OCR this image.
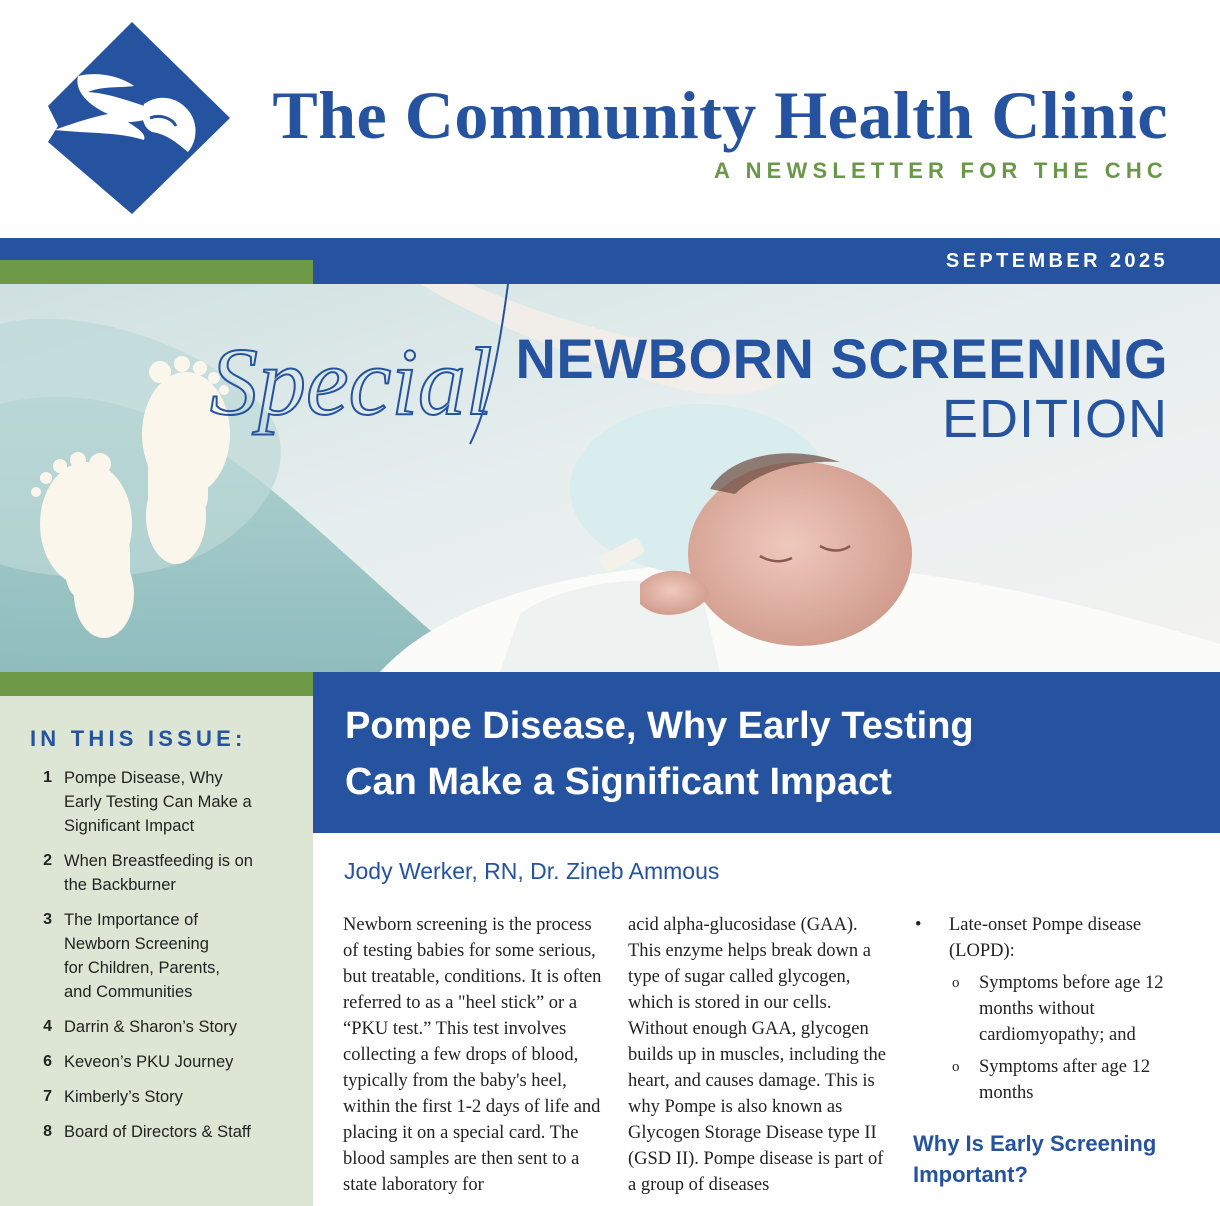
The Community Health Clinic
A NEWSLETTER FOR THE CHC
SEPTEMBER 2025
Special NEWBORN SCREENING
EDITION
IN THIS ISSUE:
1 Pompe Disease, Why Early Testing Can Make a Significant Impact
2 When Breastfeeding is on the Backburner
3 The Importance of Newborn Screening for Children, Parents, and Communities
4 Darrin & Sharon’s Story
6 Keveon’s PKU Journey
7 Kimberly’s Story
8 Board of Directors & Staff
Pompe Disease, Why Early Testing Can Make a Significant Impact
Jody Werker, RN, Dr. Zineb Ammous
Newborn screening is the process of testing babies for some serious, but treatable, conditions. It is often referred to as a "heel stick” or a “PKU test.” This test involves collecting a few drops of blood, typically from the baby's heel, within the first 1-2 days of life and placing it on a special card. The blood samples are then sent to a state laboratory for
acid alpha-glucosidase (GAA). This enzyme helps break down a type of sugar called glycogen, which is stored in our cells. Without enough GAA, glycogen builds up in muscles, including the heart, and causes damage. This is why Pompe is also known as Glycogen Storage Disease type II (GSD II). Pompe disease is part of a group of diseases
• Late-onset Pompe disease (LOPD):
o Symptoms before age 12 months without cardiomyopathy; and
o Symptoms after age 12 months
Why Is Early Screening Important?
